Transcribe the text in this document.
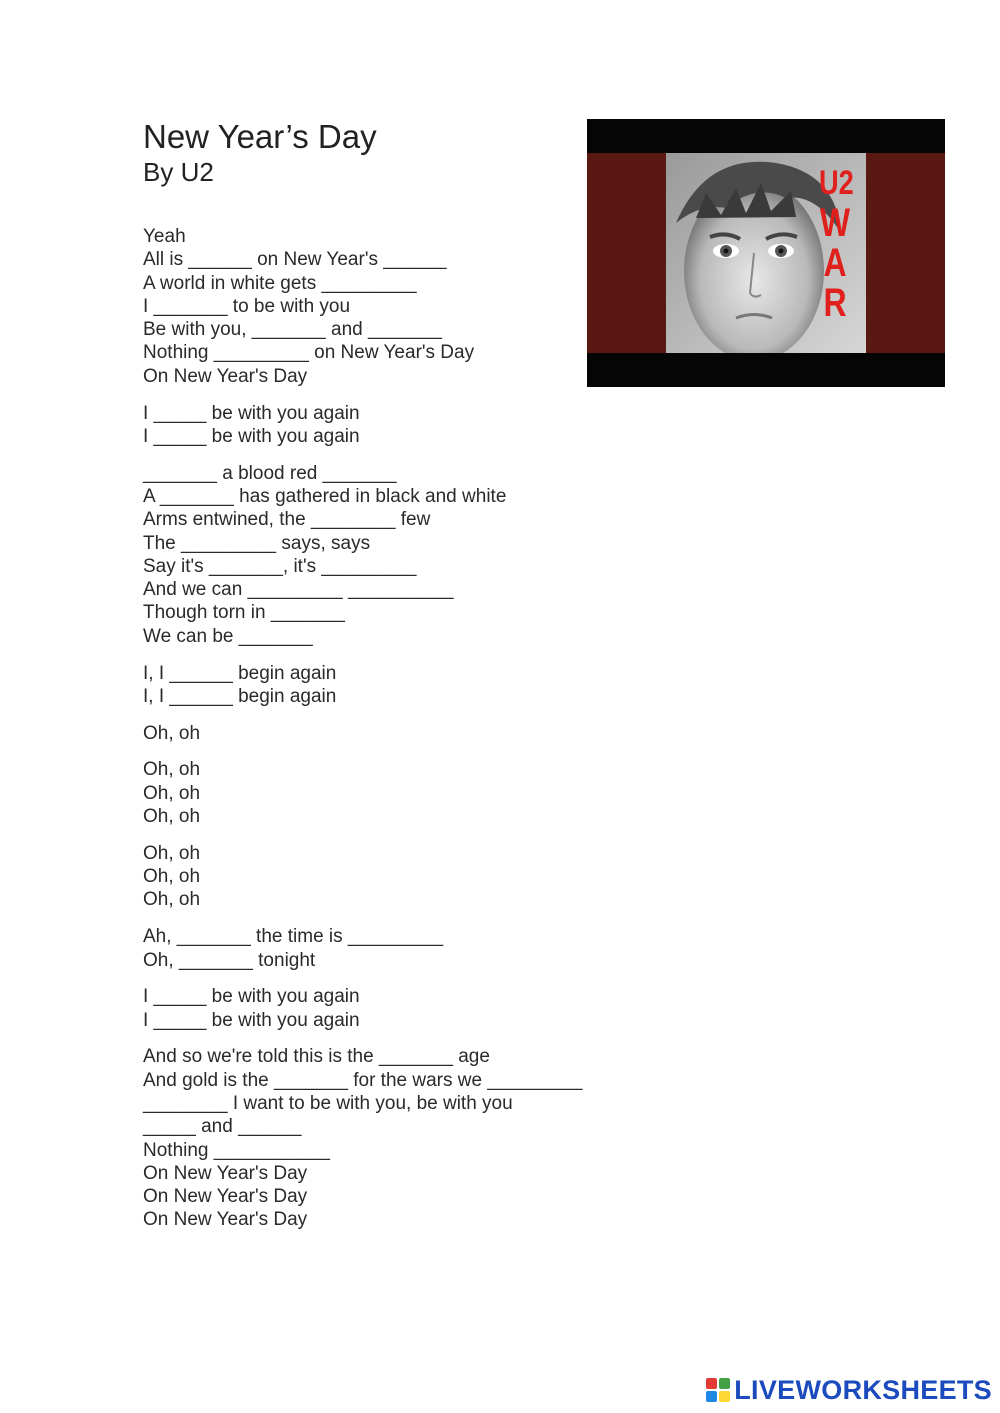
New Year’s Day
By U2
Yeah
All is ______ on New Year's ______
A world in white gets _________
I _______ to be with you
Be with you, _______ and _______
Nothing _________ on New Year's Day
On New Year's Day
I _____ be with you again
I _____ be with you again
_______ a blood red _______
A _______ has gathered in black and white
Arms entwined, the ________ few
The _________ says, says
Say it's _______, it's _________
And we can _________ __________
Though torn in _______
We can be _______
I, I ______ begin again
I, I ______ begin again
Oh, oh
Oh, oh
Oh, oh
Oh, oh
Oh, oh
Oh, oh
Oh, oh
Ah, _______ the time is _________
Oh, _______ tonight
I _____ be with you again
I _____ be with you again
And so we're told this is the _______ age
And gold is the _______ for the wars we _________
________ I want to be with you, be with you
_____ and ______
Nothing ___________
On New Year's Day
On New Year's Day
On New Year's Day
U2
W
A
R
LIVEWORKSHEETS
